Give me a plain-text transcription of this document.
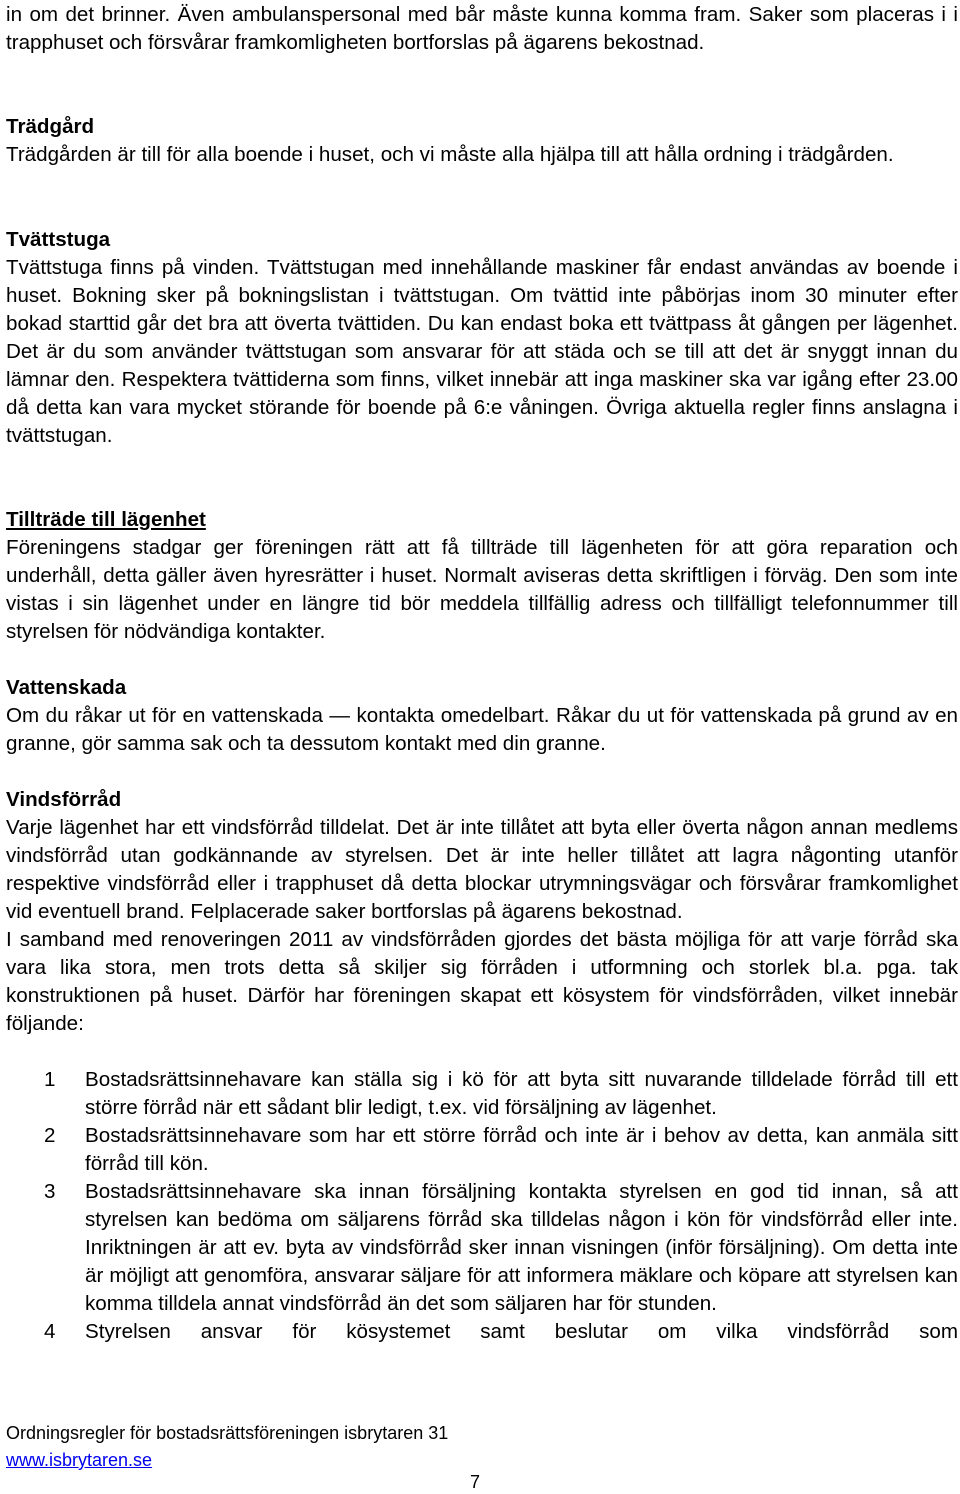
in om det brinner. Även ambulanspersonal med bår måste kunna komma fram. Saker som placeras i i trapphuset och försvårar framkomligheten bortforslas på ägarens bekostnad.

Trädgård
Trädgården är till för alla boende i huset, och vi måste alla hjälpa till att hålla ordning i trädgården.
Tvättstuga
Tvättstuga finns på vinden. Tvättstugan med innehållande maskiner får endast användas av boende i huset. Bokning sker på bokningslistan i tvättstugan. Om tvättid inte påbörjas inom 30 minuter efter bokad starttid går det bra att överta tvättiden. Du kan endast boka ett tvättpass åt gången per lägenhet. Det är du som använder tvättstugan som ansvarar för att städa och se till att det är snyggt innan du lämnar den. Respektera tvättiderna som finns, vilket innebär att inga maskiner ska var igång efter 23.00 då detta kan vara mycket störande för boende på 6:e våningen. Övriga aktuella regler finns anslagna i tvättstugan.
Tillträde till lägenhet
Föreningens stadgar ger föreningen rätt att få tillträde till lägenheten för att göra reparation och underhåll, detta gäller även hyresrätter i huset. Normalt aviseras detta skriftligen i förväg. Den som inte vistas i sin lägenhet under en längre tid bör meddela tillfällig adress och tillfälligt telefonnummer till styrelsen för nödvändiga kontakter.
Vattenskada
Om du råkar ut för en vattenskada — kontakta omedelbart. Råkar du ut för vattenskada på grund av en granne, gör samma sak och ta dessutom kontakt med din granne.
Vindsförråd
Varje lägenhet har ett vindsförråd tilldelat. Det är inte tillåtet att byta eller överta någon annan medlems vindsförråd utan godkännande av styrelsen. Det är inte heller tillåtet att lagra någonting utanför respektive vindsförråd eller i trapphuset då detta blockar utrymningsvägar och försvårar framkomlighet vid eventuell brand. Felplacerade saker bortforslas på ägarens bekostnad.
I samband med renoveringen 2011 av vindsförråden gjordes det bästa möjliga för att varje förråd ska vara lika stora, men trots detta så skiljer sig förråden i utformning och storlek bl.a. pga. tak konstruktionen på huset. Därför har föreningen skapat ett kösystem för vindsförråden, vilket innebär följande:
1	Bostadsrättsinnehavare kan ställa sig i kö för att byta sitt nuvarande tilldelade förråd till ett större förråd när ett sådant blir ledigt, t.ex. vid försäljning av lägenhet.
2	Bostadsrättsinnehavare som har ett större förråd och inte är i behov av detta, kan anmäla sitt förråd till kön.
3	Bostadsrättsinnehavare ska innan försäljning kontakta styrelsen en god tid innan, så att styrelsen kan bedöma om säljarens förråd ska tilldelas någon i kön för vindsförråd eller inte. Inriktningen är att ev. byta av vindsförråd sker innan visningen (inför försäljning). Om detta inte är möjligt att genomföra, ansvarar säljare för att informera mäklare och köpare att styrelsen kan komma tilldela annat vindsförråd än det som säljaren har för stunden.
4	Styrelsen ansvar för kösystemet samt beslutar om vilka vindsförråd som
Ordningsregler för bostadsrättsföreningen isbrytaren 31
www.isbrytaren.se
7
